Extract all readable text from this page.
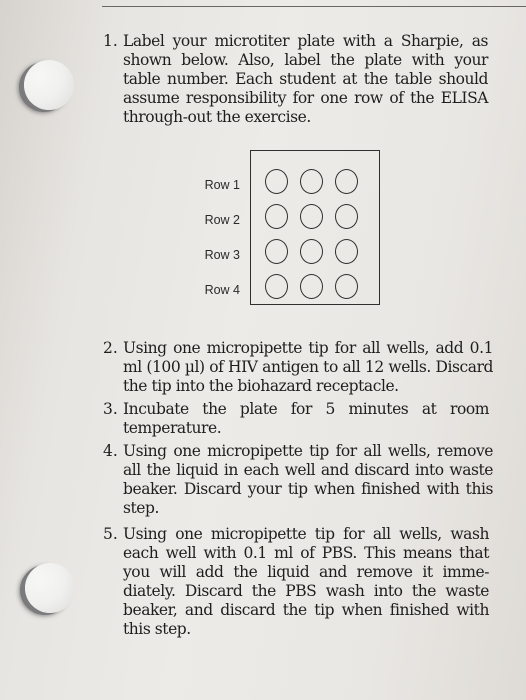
1. Label your microtiter plate with a Sharpie, as shown below. Also, label the plate with your table number. Each student at the table should assume responsibility for one row of the ELISA through-out the exercise.
Row 1
Row 2
Row 3
Row 4
2. Using one micropipette tip for all wells, add 0.1 ml (100 µl) of HIV antigen to all 12 wells. Discard the tip into the biohazard receptacle.
3. Incubate the plate for 5 minutes at room temperature.
4. Using one micropipette tip for all wells, remove all the liquid in each well and discard into waste beaker. Discard your tip when finished with this step.
5. Using one micropipette tip for all wells, wash each well with 0.1 ml of PBS. This means that you will add the liquid and remove it imme-diately. Discard the PBS wash into the waste beaker, and discard the tip when finished with this step.
